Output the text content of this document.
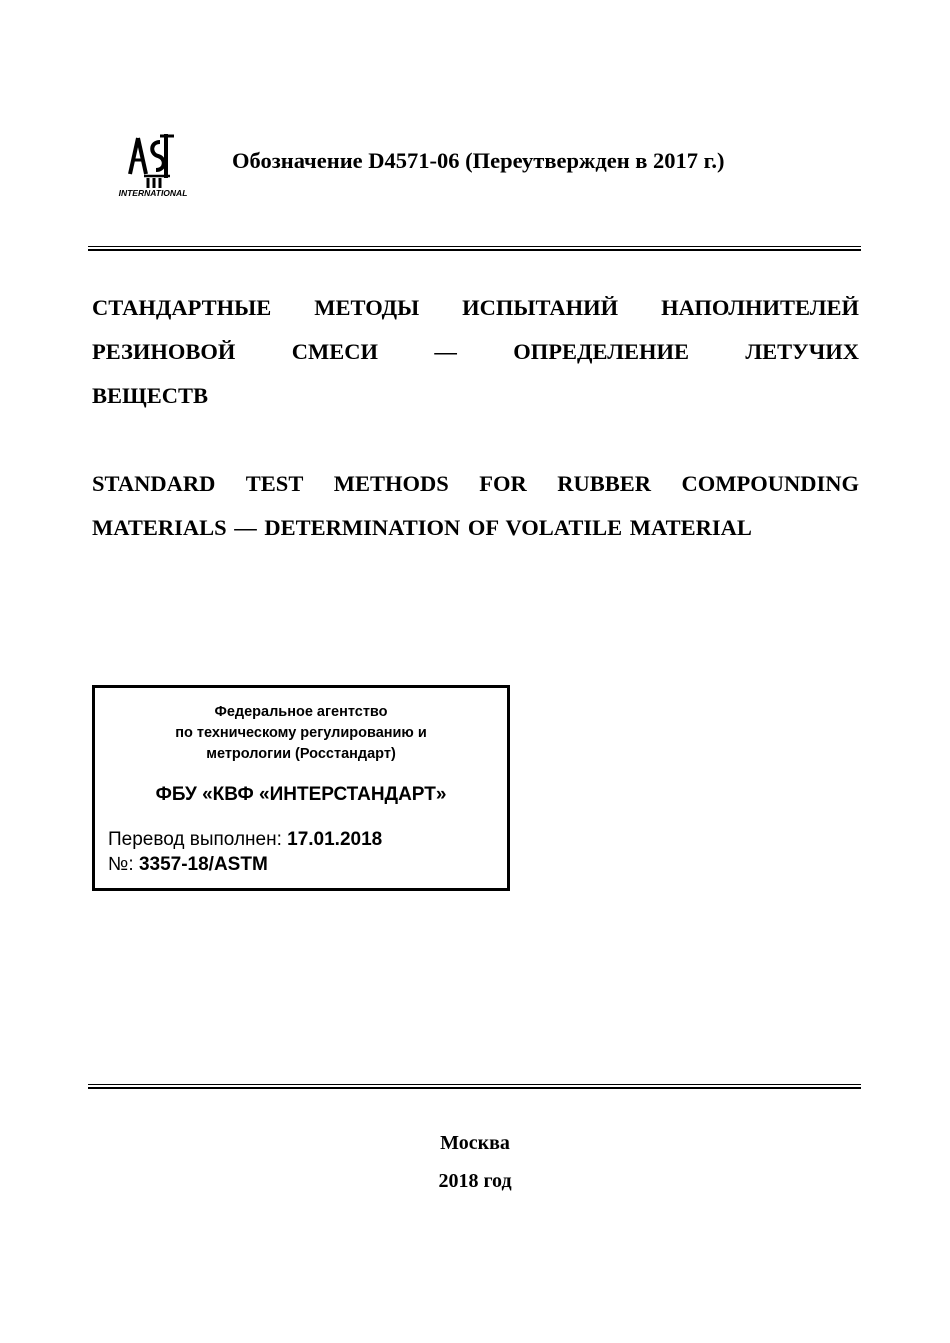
INTERNATIONAL
Обозначение D4571-06 (Переутвержден в 2017 г.)
СТАНДАРТНЫЕ МЕТОДЫ ИСПЫТАНИЙ НАПОЛНИТЕЛЕЙ
РЕЗИНОВОЙ	СМЕСИ	—	ОПРЕДЕЛЕНИЕ	ЛЕТУЧИХ
ВЕЩЕСТВ
STANDARD TEST METHODS FOR RUBBER COMPOUNDING
MATERIALS — DETERMINATION OF VOLATILE MATERIAL
Федеральное агентство
по техническому регулированию и
метрологии (Росстандарт)
ФБУ «КВФ «ИНТЕРСТАНДАРТ»
Перевод выполнен: 17.01.2018
№: 3357-18/ASTM
Москва
2018 год
